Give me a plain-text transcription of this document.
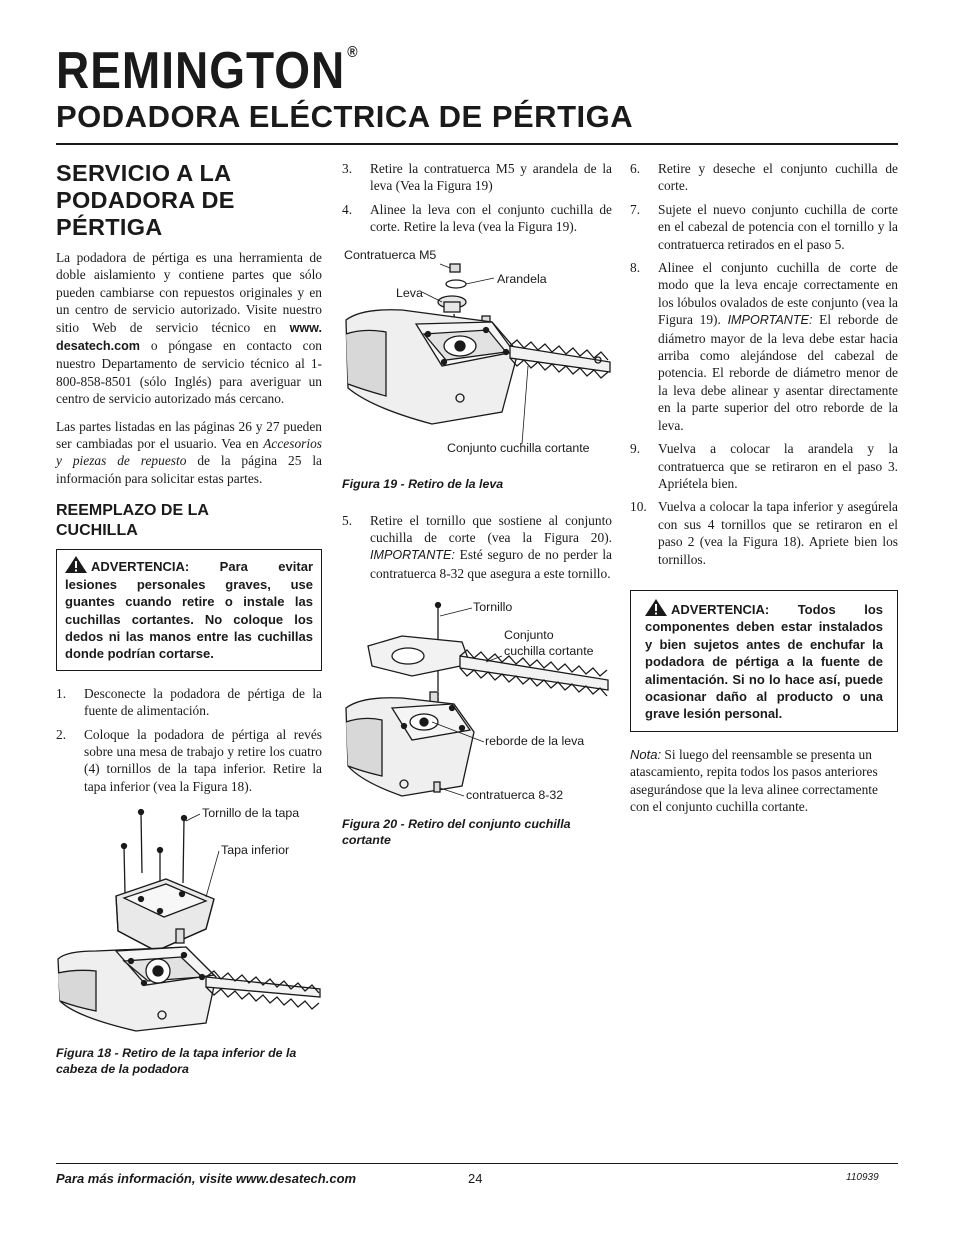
REMINGTON ®
PODADORA ELÉCTRICA DE PÉRTIGA
SERVICIO A LA
PODADORA DE
PÉRTIGA

La podadora de pértiga es una herramienta de doble aislamiento y contiene partes que sólo pueden cambiarse con repuestos originales y en un centro de servicio autorizado. Visite nuestro sitio Web de servicio técnico en www. desatech.com o póngase en contacto con nuestro Departamento de servicio técnico al 1-800-858-8501 (sólo Inglés) para averiguar un centro de servicio autorizado más cercano.

Las partes listadas en las páginas 26 y 27 pueden ser cambiadas por el usuario. Vea en Accesorios y piezas de repuesto de la página 25 la información para solicitar estas partes.

REEMPLAZO DE LA
CUCHILLA
ADVERTENCIA: Para evitar lesiones personales graves, use guantes cuando retire o instale las cuchillas cortantes. No coloque los dedos ni las manos entre las cuchillas donde podrían cortarse.
1.	Desconecte la podadora de pértiga de la fuente de alimentación.
2.	Coloque la podadora de pértiga al revés sobre una mesa de trabajo y retire los cuatro (4) tornillos de la tapa inferior. Retire la tapa inferior (vea la Figura 18).
Tornillo de la tapa
Tapa inferior

Figura 18 - Retiro de la tapa inferior de la cabeza de la podadora

3.	Retire la contratuerca M5 y arandela de la leva (Vea la Figura 19)
4.	Alinee la leva con el conjunto cuchilla de corte. Retire la leva (vea la Figura 19).
Contratuerca M5
Arandela
Leva
Conjunto cuchilla cortante

Figura 19 - Retiro de la leva

5.	Retire el tornillo que sostiene al conjunto cuchilla de corte (vea la Figura 20). IMPORTANTE: Esté seguro de no perder la contratuerca 8-32 que asegura a este tornillo.
Tornillo
Conjunto
cuchilla cortante
reborde de la leva
contratuerca 8-32

Figura 20 - Retiro del conjunto cuchilla cortante

6.	Retire y deseche el conjunto cuchilla de corte.
7.	Sujete el nuevo conjunto cuchilla de corte en el cabezal de potencia con el tornillo y la contratuerca retirados en el paso 5.
8.	Alinee el conjunto cuchilla de corte de modo que la leva encaje correctamente en los lóbulos ovalados de este conjunto (vea la Figura 19). IMPORTANTE: El reborde de diámetro mayor de la leva debe estar hacia arriba como alejándose del cabezal de potencia. El reborde de diámetro menor de la leva debe alinear y asentar directamente en la parte superior del otro reborde de la leva.
9.	Vuelva a colocar la arandela y la contratuerca que se retiraron en el paso 3. Apriétela bien.
10. Vuelva a colocar la tapa inferior y asegúrela con sus 4 tornillos que se retiraron en el paso 2 (vea la Figura 18). Apriete bien los tornillos.
ADVERTENCIA: Todos los componentes deben estar instalados y bien sujetos antes de enchufar la podadora de pértiga a la fuente de alimentación. Si no lo hace así, puede ocasionar daño al producto o una grave lesión personal.

Nota: Si luego del reensamble se presenta un atascamiento, repita todos los pasos anteriores asegurándose que la leva alinee correctamente con el conjunto cuchilla cortante.

Para más información, visite www.desatech.com	24	110939
